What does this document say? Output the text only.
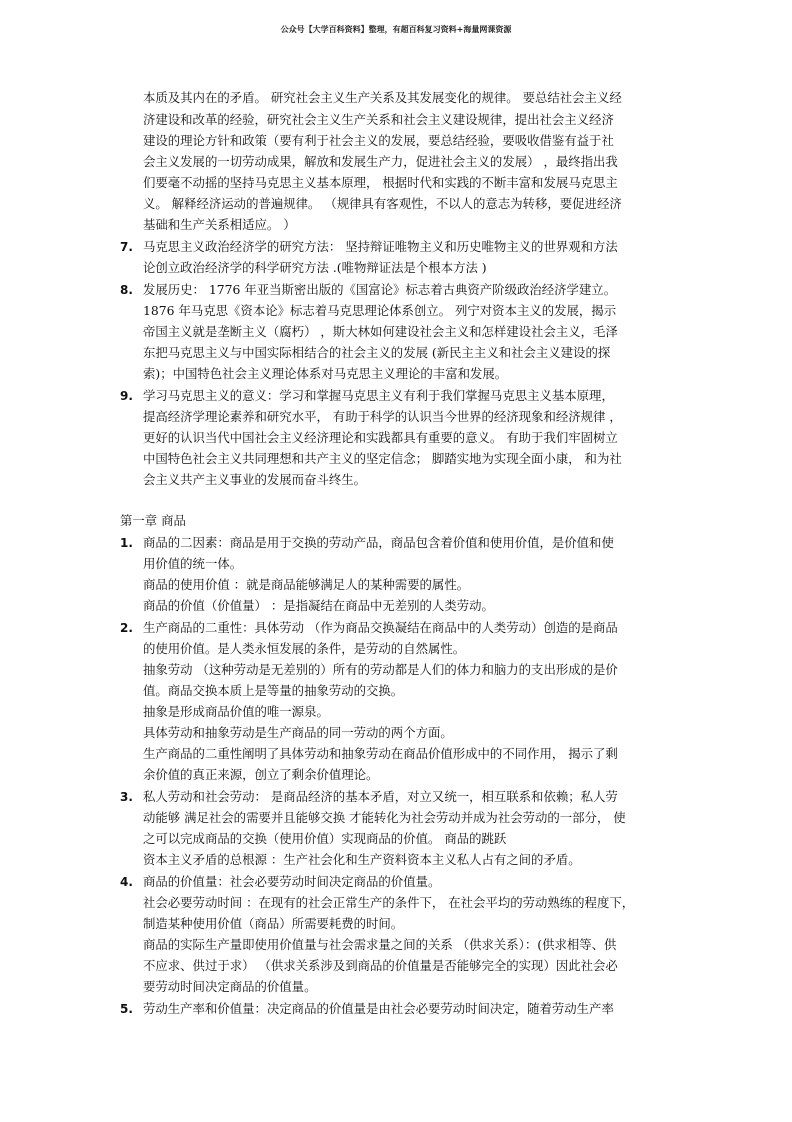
公众号【大学百科资料】整理，有超百科复习资料+海量网课资源
本质及其内在的矛盾。 研究社会主义生产关系及其发展变化的规律。 要总结社会主义经
济建设和改革的经验，研究社会主义生产关系和社会主义建设规律，提出社会主义经济
建设的理论方针和政策（要有利于社会主义的发展，要总结经验，要吸收借鉴有益于社
会主义发展的一切劳动成果，解放和发展生产力，促进社会主义的发展） ，最终指出我
们要毫不动摇的坚持马克思主义基本原理， 根据时代和实践的不断丰富和发展马克思主
义。 解释经济运动的普遍规律。 （规律具有客观性，不以人的意志为转移，要促进经济
基础和生产关系相适应。 ）
7. 马克思主义政治经济学的研究方法： 坚持辩证唯物主义和历史唯物主义的世界观和方法
论创立政治经济学的科学研究方法 .(唯物辩证法是个根本方法 )
8. 发展历史： 1776 年亚当斯密出版的《国富论》标志着古典资产阶级政治经济学建立。
1876 年马克思《资本论》标志着马克思理论体系创立。 列宁对资本主义的发展，揭示
帝国主义就是垄断主义（腐朽） ，斯大林如何建设社会主义和怎样建设社会主义，毛泽
东把马克思主义与中国实际相结合的社会主义的发展 (新民主主义和社会主义建设的探
索)；中国特色社会主义理论体系对马克思主义理论的丰富和发展。
9. 学习马克思主义的意义：学习和掌握马克思主义有利于我们掌握马克思主义基本原理，
提高经济学理论素养和研究水平， 有助于科学的认识当今世界的经济现象和经济规律 ，
更好的认识当代中国社会主义经济理论和实践都具有重要的意义。 有助于我们牢固树立
中国特色社会主义共同理想和共产主义的坚定信念； 脚踏实地为实现全面小康， 和为社
会主义共产主义事业的发展而奋斗终生。
第一章 商品
1. 商品的二因素：商品是用于交换的劳动产品，商品包含着价值和使用价值，是价值和使
用价值的统一体。
商品的使用价值 ：就是商品能够满足人的某种需要的属性。
商品的价值（价值量） ：是指凝结在商品中无差别的人类劳动。
2. 生产商品的二重性：具体劳动 （作为商品交换凝结在商品中的人类劳动）创造的是商品
的使用价值。是人类永恒发展的条件，是劳动的自然属性。
抽象劳动 （这种劳动是无差别的）所有的劳动都是人们的体力和脑力的支出形成的是价
值。商品交换本质上是等量的抽象劳动的交换。
抽象是形成商品价值的唯一源泉。
具体劳动和抽象劳动是生产商品的同一劳动的两个方面。
生产商品的二重性阐明了具体劳动和抽象劳动在商品价值形成中的不同作用， 揭示了剩
余价值的真正来源，创立了剩余价值理论。
3. 私人劳动和社会劳动： 是商品经济的基本矛盾，对立又统一，相互联系和依赖；私人劳
动能够 满足社会的需要并且能够交换 才能转化为社会劳动并成为社会劳动的一部分， 使
之可以完成商品的交换（使用价值）实现商品的价值。 商品的跳跃
资本主义矛盾的总根源 ：生产社会化和生产资料资本主义私人占有之间的矛盾。
4. 商品的价值量：社会必要劳动时间决定商品的价值量。
社会必要劳动时间 ：在现有的社会正常生产的条件下， 在社会平均的劳动熟练的程度下，
制造某种使用价值（商品）所需要耗费的时间。
商品的实际生产量即使用价值量与社会需求量之间的关系 （供求关系）：(供求相等、供
不应求、供过于求） （供求关系涉及到商品的价值量是否能够完全的实现）因此社会必
要劳动时间决定商品的价值量。
5. 劳动生产率和价值量：决定商品的价值量是由社会必要劳动时间决定，随着劳动生产率
